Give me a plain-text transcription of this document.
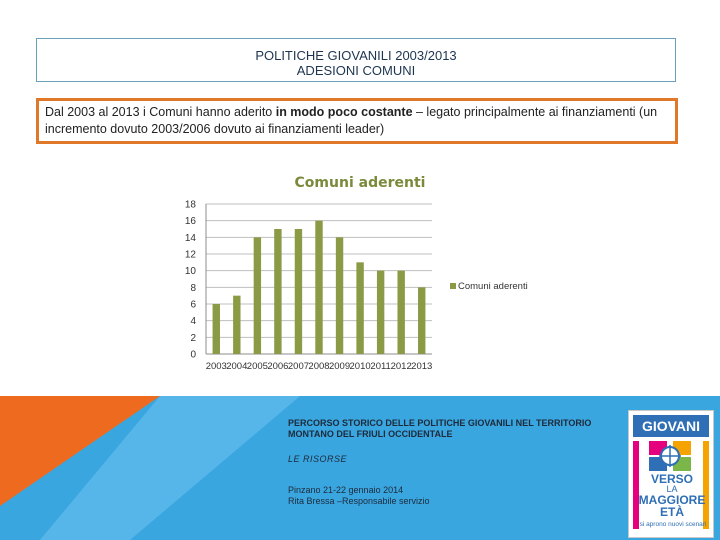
POLITICHE GIOVANILI 2003/2013
ADESIONI COMUNI
Dal 2003 al 2013 i Comuni hanno aderito in modo poco costante – legato principalmente ai finanziamenti (un incremento dovuto 2003/2006 dovuto ai finanziamenti leader)
Comuni aderenti
0
2
4
6
8
10
12
14
16
18
2003 2004 2005 2006 2007 2008 2009 2010 2011 2012 2013
Comuni aderenti
PERCORSO STORICO DELLE POLITICHE GIOVANILI NEL TERRITORIO MONTANO DEL FRIULI OCCIDENTALE
LE RISORSE
Pinzano 21-22 gennaio 2014
Rita Bressa –Responsabile servizio
GIOVANI
VERSO
LA
MAGGIORE
ETÀ
si aprono nuovi scenari
